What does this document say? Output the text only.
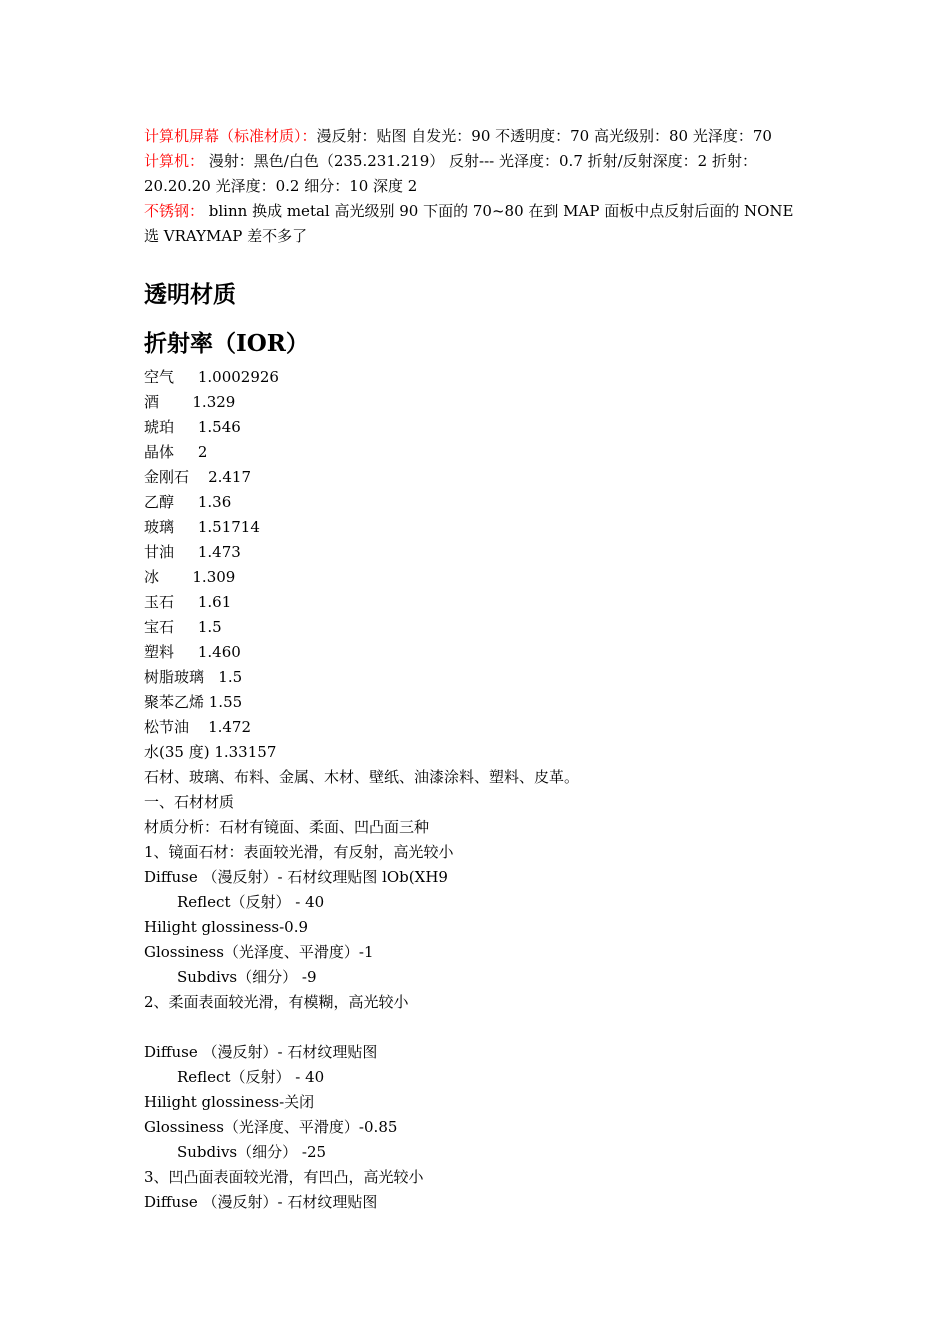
计算机屏幕（标准材质）：漫反射：贴图 自发光：90 不透明度：70 高光级别：80 光泽度：70

计算机： 漫射：黑色/白色（235.231.219） 反射--- 光泽度：0.7 折射/反射深度：2 折射：

20.20.20 光泽度：0.2 细分：10 深度 2

不锈钢： blinn 换成 metal 高光级别 90 下面的 70~80 在到 MAP 面板中点反射后面的 NONE

选 VRAYMAP 差不多了

透明材质
折射率（IOR）

空气     1.0002926

酒       1.329

琥珀     1.546

晶体     2

金刚石    2.417

乙醇     1.36

玻璃     1.51714

甘油     1.473

冰       1.309

玉石     1.61

宝石     1.5

塑料     1.460

树脂玻璃   1.5

聚苯乙烯 1.55

松节油    1.472

水(35 度) 1.33157

石材、玻璃、布料、金属、木材、壁纸、油漆涂料、塑料、皮革。

一、石材材质

材质分析：石材有镜面、柔面、凹凸面三种

1、镜面石材：表面较光滑，有反射，高光较小

Diffuse （漫反射）- 石材纹理贴图 lOb(XH9

Reflect（反射） - 40

Hilight glossiness-0.9

Glossiness（光泽度、平滑度）-1

Subdivs（细分） -9

2、柔面表面较光滑，有模糊，高光较小

Diffuse （漫反射）- 石材纹理贴图

Reflect（反射） - 40

Hilight glossiness-关闭

Glossiness（光泽度、平滑度）-0.85

Subdivs（细分） -25

3、凹凸面表面较光滑，有凹凸，高光较小

Diffuse （漫反射）- 石材纹理贴图
